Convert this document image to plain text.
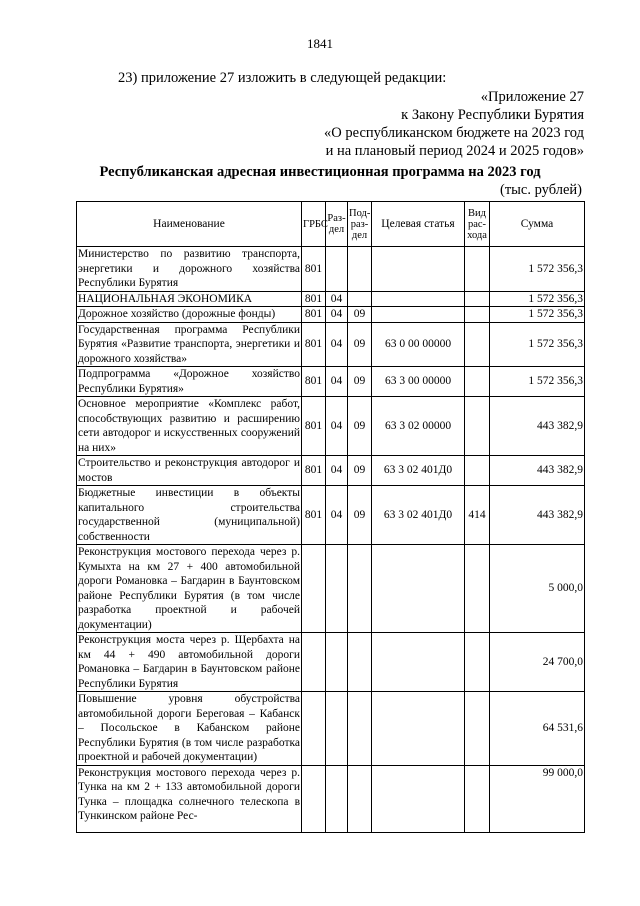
1841
23) приложение 27 изложить в следующей редакции:
«Приложение 27
к Закону Республики Бурятия
«О республиканском бюджете на 2023 год
и на плановый период 2024 и 2025 годов»
Республиканская адресная инвестиционная программа на 2023 год
(тыс. рублей)
Наименование	ГРБС	Раз-дел	Под-раз-дел	Целевая статья	Вид рас-хода	Сумма
Министерство по развитию транспорта, энергетики и дорожного хозяйства Республики Бурятия	801					1 572 356,3
НАЦИОНАЛЬНАЯ ЭКОНОМИКА	801	04				1 572 356,3
Дорожное хозяйство (дорожные фонды)	801	04	09			1 572 356,3
Государственная программа Республики Бурятия «Развитие транспорта, энергетики и дорожного хозяйства»	801	04	09	63 0 00 00000		1 572 356,3
Подпрограмма «Дорожное хозяйство Республики Бурятия»	801	04	09	63 3 00 00000		1 572 356,3
Основное мероприятие «Комплекс работ, способствующих развитию и расширению сети автодорог и искусственных сооружений на них»	801	04	09	63 3 02 00000		443 382,9
Строительство и реконструкция автодорог и мостов	801	04	09	63 3 02 401Д0		443 382,9
Бюджетные инвестиции в объекты капитального строительства государственной (муниципальной) собственности	801	04	09	63 3 02 401Д0	414	443 382,9
Реконструкция мостового перехода через р. Кумыхта на км 27 + 400 автомобильной дороги Романовка – Багдарин в Баунтовском районе Республики Бурятия (в том числе разработка проектной и рабочей документации)						5 000,0
Реконструкция моста через р. Щербахта на км 44 + 490 автомобильной дороги Романовка – Багдарин в Баунтовском районе Республики Бурятия						24 700,0
Повышение уровня обустройства автомобильной дороги Береговая – Кабанск – Посольское в Кабанском районе Республики Бурятия (в том числе разработка проектной и рабочей документации)						64 531,6
Реконструкция мостового перехода через р. Тунка на км 2 + 133 автомобильной дороги Тунка – площадка солнечного телескопа в Тункинском районе Рес-						99 000,0
